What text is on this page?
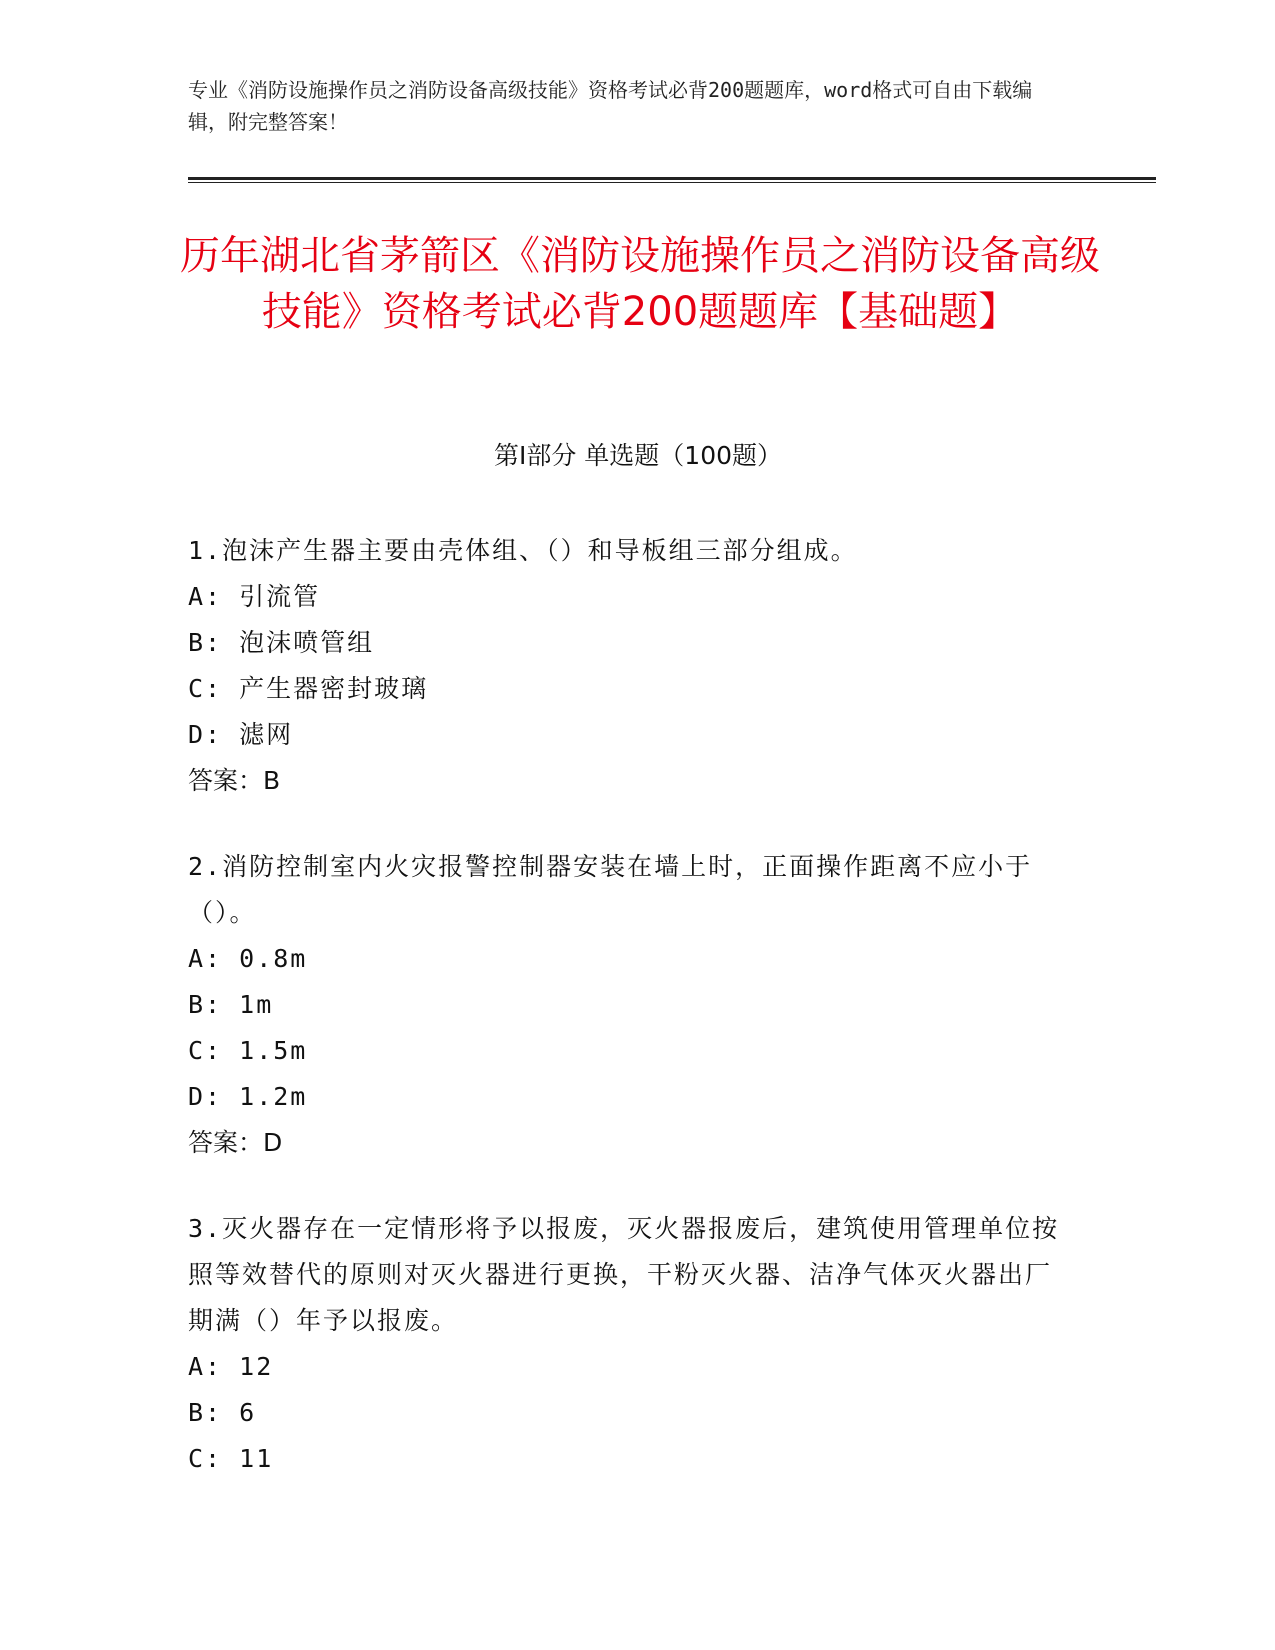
专业《消防设施操作员之消防设备高级技能》资格考试必背200题题库，word格式可自由下载编辑，附完整答案！
历年湖北省茅箭区《消防设施操作员之消防设备高级技能》资格考试必背200题题库【基础题】
第I部分 单选题（100题）
1.泡沫产生器主要由壳体组、（）和导板组三部分组成。
A: 引流管
B: 泡沫喷管组
C: 产生器密封玻璃
D: 滤网
答案：B
2.消防控制室内火灾报警控制器安装在墙上时，正面操作距离不应小于（）。
A: 0.8m
B: 1m
C: 1.5m
D: 1.2m
答案：D
3.灭火器存在一定情形将予以报废，灭火器报废后，建筑使用管理单位按照等效替代的原则对灭火器进行更换，干粉灭火器、洁净气体灭火器出厂期满（）年予以报废。
A: 12
B: 6
C: 11
